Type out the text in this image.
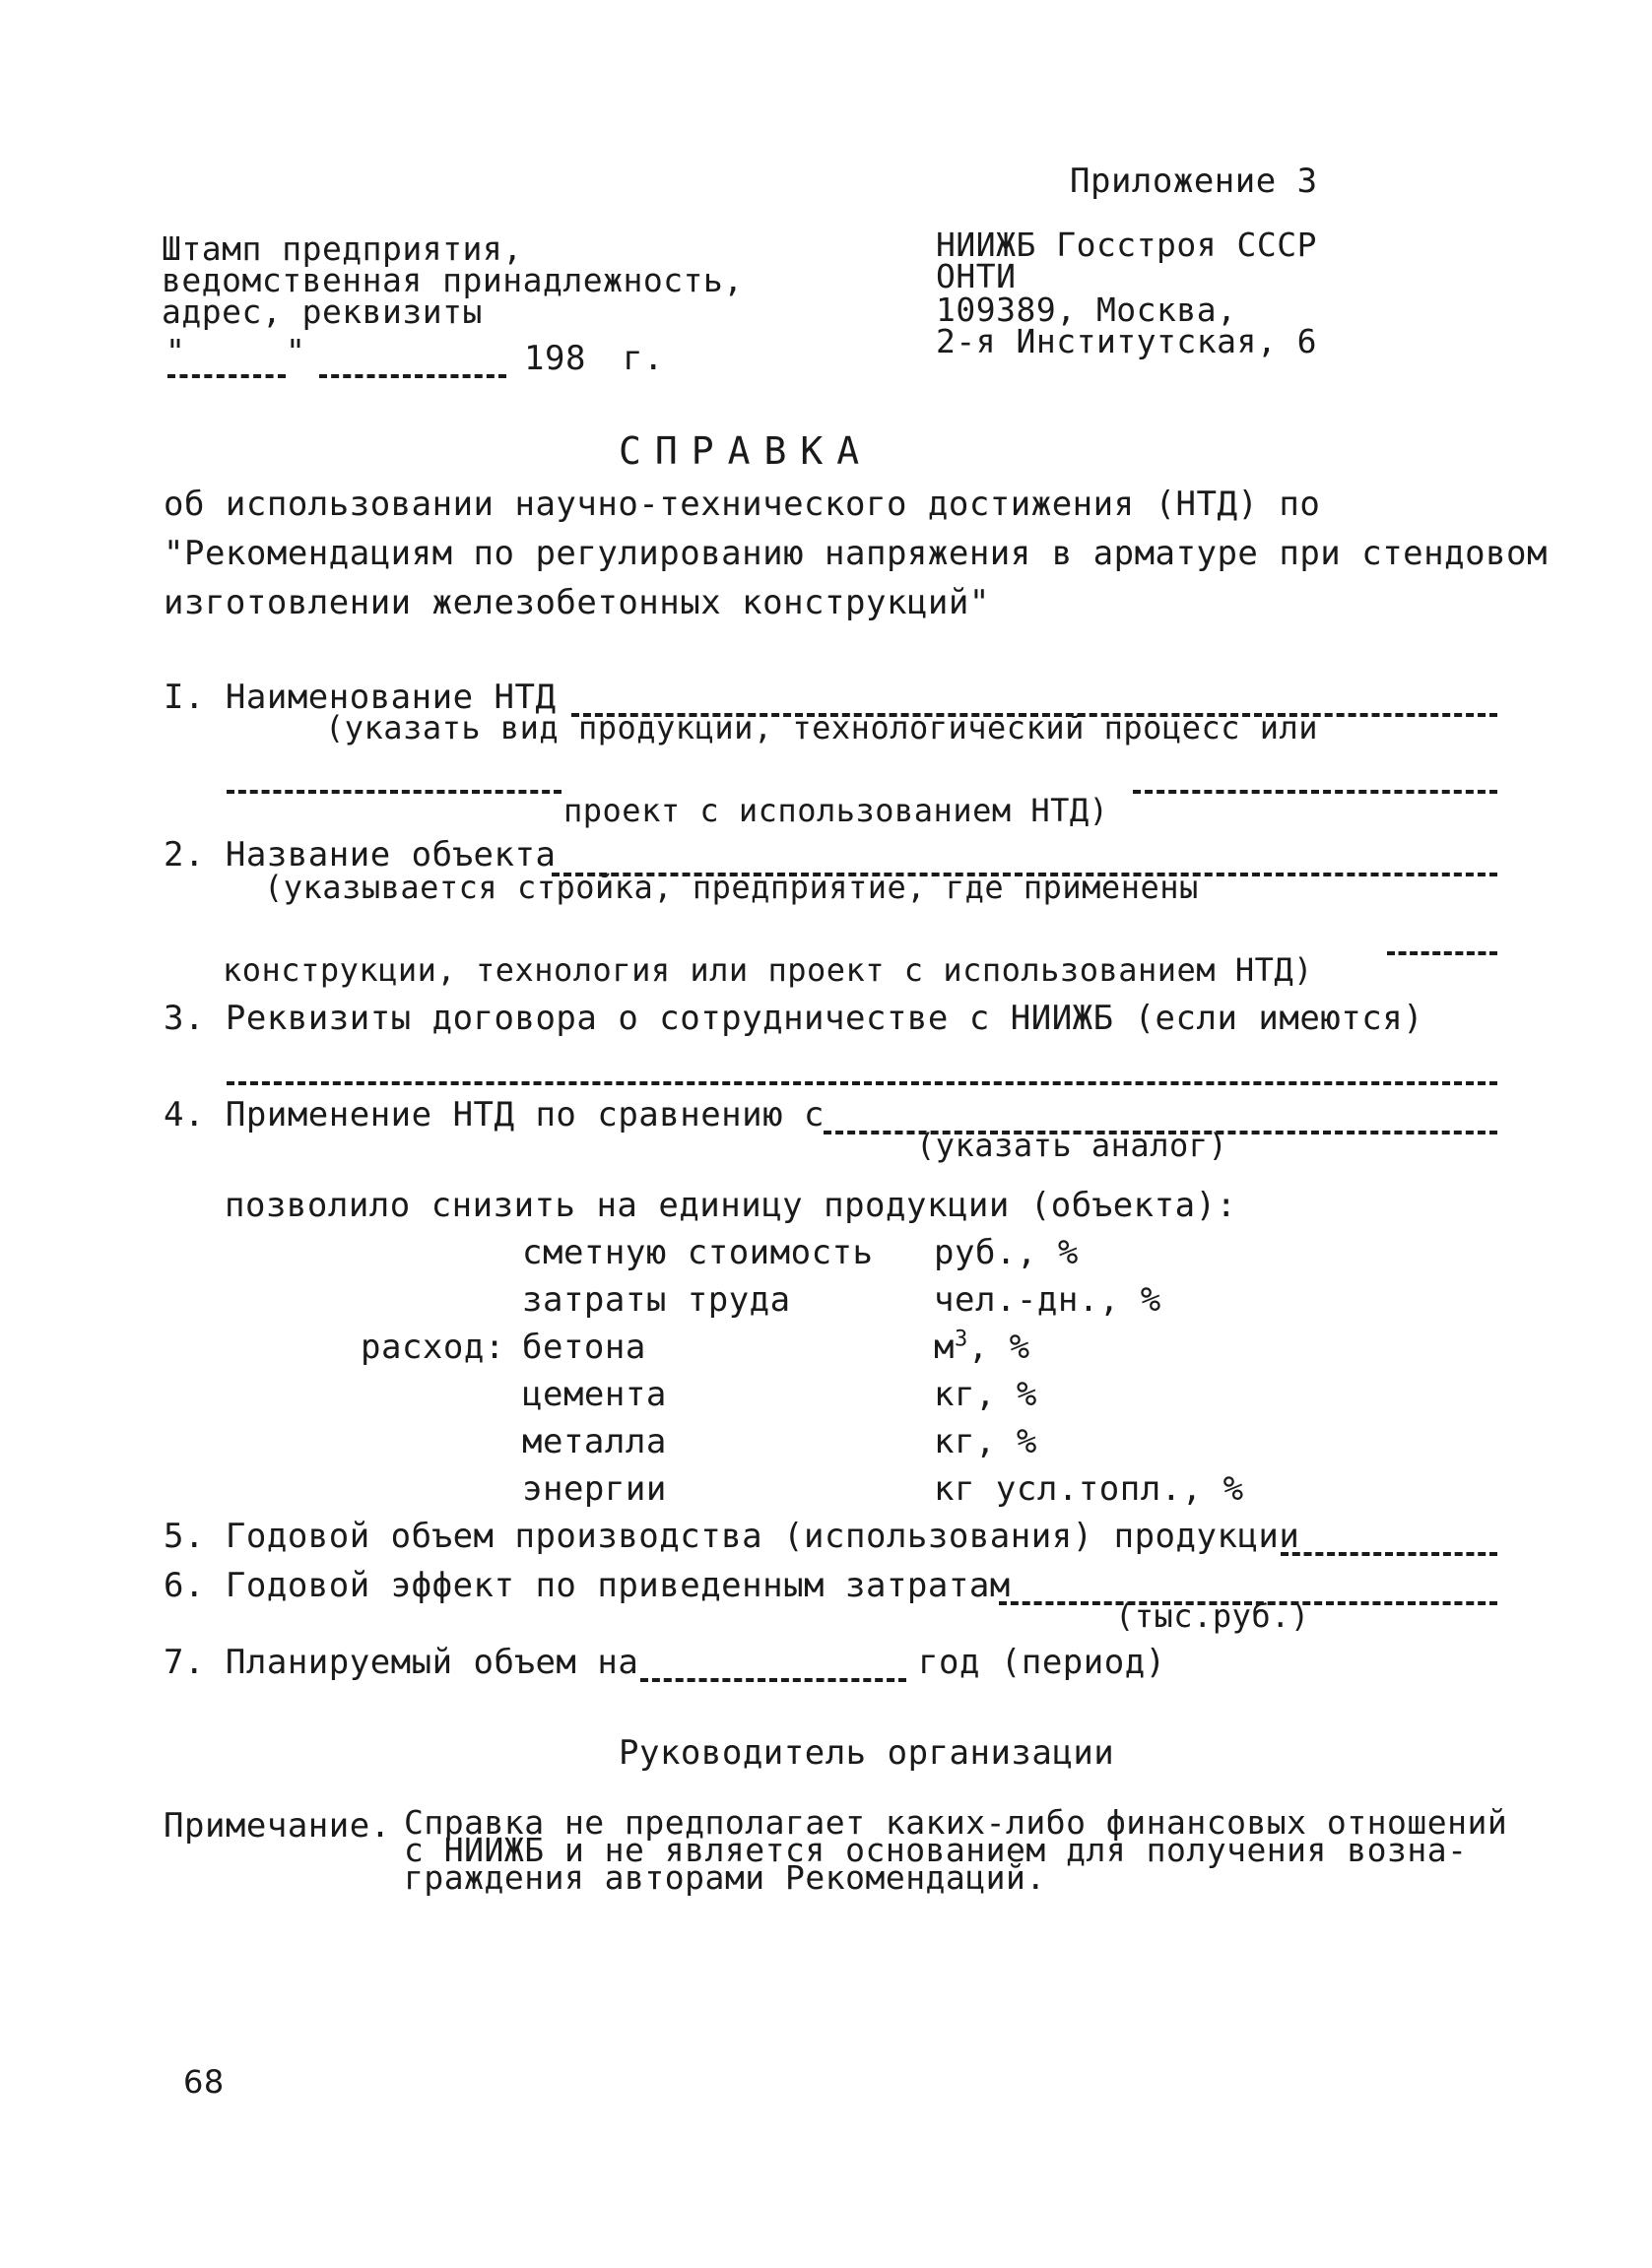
Приложение 3
Штамп предприятия,
ведомственная принадлежность,
адрес, реквизиты
"	"	198 г.
НИИЖБ Госстроя СССР
ОНТИ
109389, Москва,
2-я Институтская, 6
СПРАВКА
об использовании научно-технического достижения (НТД) по
"Рекомендациям по регулированию напряжения в арматуре при стендовом
изготовлении железобетонных конструкций"
I. Наименование НТД
(указать вид продукции, технологический процесс или
проект с использованием НТД)
2. Название объекта
(указывается стройка, предприятие, где применены
конструкции, технология или проект с использованием НТД)
3. Реквизиты договора о сотрудничестве с НИИЖБ (если имеются)
4. Применение НТД по сравнению с
(указать аналог)
позволило снизить на единицу продукции (объекта):
сметную стоимость руб., %
затраты труда	чел.-дн., %
расход: бетона	$м^3$, %
цемента	кг, %
металла	кг, %
энергии	кг усл.топл., %
5. Годовой объем производства (использования) продукции
6. Годовой эффект по приведенным затратам
(тыс.руб.)
7. Планируемый объем на	год (период)
Руководитель организации
Примечание. Справка не предполагает каких-либо финансовых отношений
с НИИЖБ и не является основанием для получения возна-
граждения авторами Рекомендаций.
68
